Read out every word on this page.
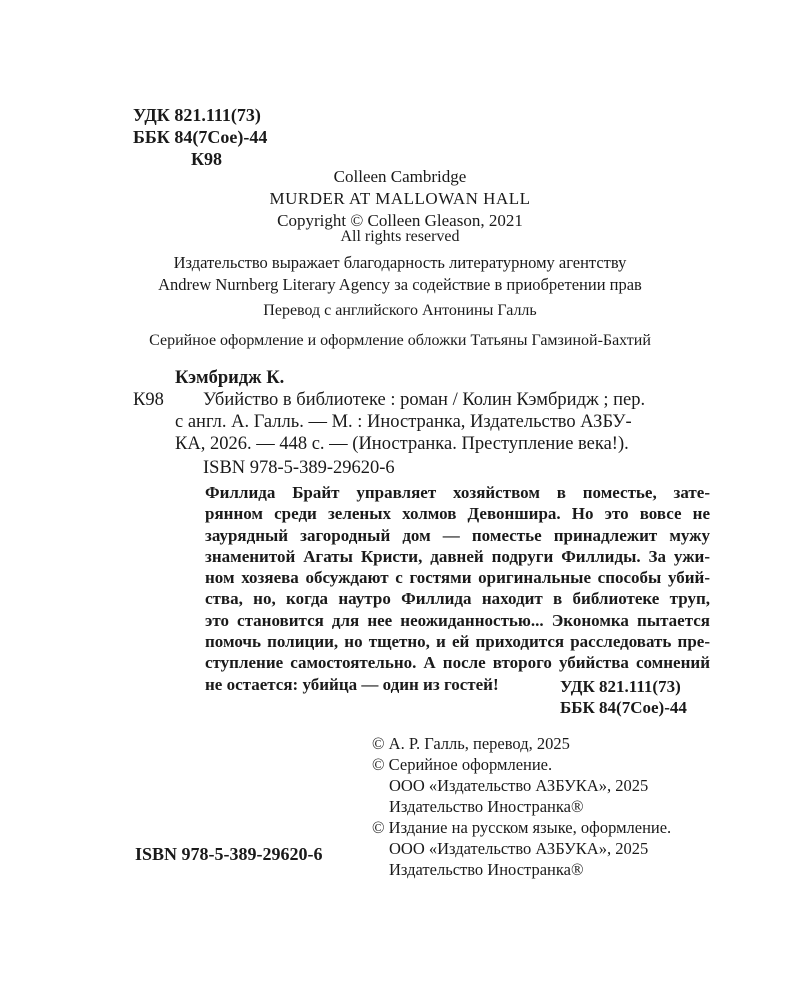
УДК 821.111(73)
ББК 84(7Сое)-44
К98
Colleen Cambridge
MURDER AT MALLOWAN HALL
Copyright © Colleen Gleason, 2021
All rights reserved
Издательство выражает благодарность литературному агентству
Andrew Nurnberg Literary Agency за содействие в приобретении прав
Перевод с английского Антонины Галль
Серийное оформление и оформление обложки Татьяны Гамзиной-Бахтий
Кэмбридж К.
К98 Убийство в библиотеке : роман / Колин Кэмбридж ; пер.
с англ. А. Галль. — М. : Иностранка, Издательство АЗБУ-
КА, 2026. — 448 с. — (Иностранка. Преступление века!).
ISBN 978-5-389-29620-6
Филлида Брайт управляет хозяйством в поместье, зате-
рянном среди зеленых холмов Девоншира. Но это вовсе не
заурядный загородный дом — поместье принадлежит мужу
знаменитой Агаты Кристи, давней подруги Филлиды. За ужи-
ном хозяева обсуждают с гостями оригинальные способы убий-
ства, но, когда наутро Филлида находит в библиотеке труп,
это становится для нее неожиданностью... Экономка пытается
помочь полиции, но тщетно, и ей приходится расследовать пре-
ступление самостоятельно. А после второго убийства сомнений
не остается: убийца — один из гостей!	УДК 821.111(73)
ББК 84(7Сое)-44
ISBN 978-5-389-29620-6
© А. Р. Галль, перевод, 2025
© Серийное оформление.
ООО «Издательство АЗБУКА», 2025
Издательство Иностранка®
© Издание на русском языке, оформление.
ООО «Издательство АЗБУКА», 2025
Издательство Иностранка®
